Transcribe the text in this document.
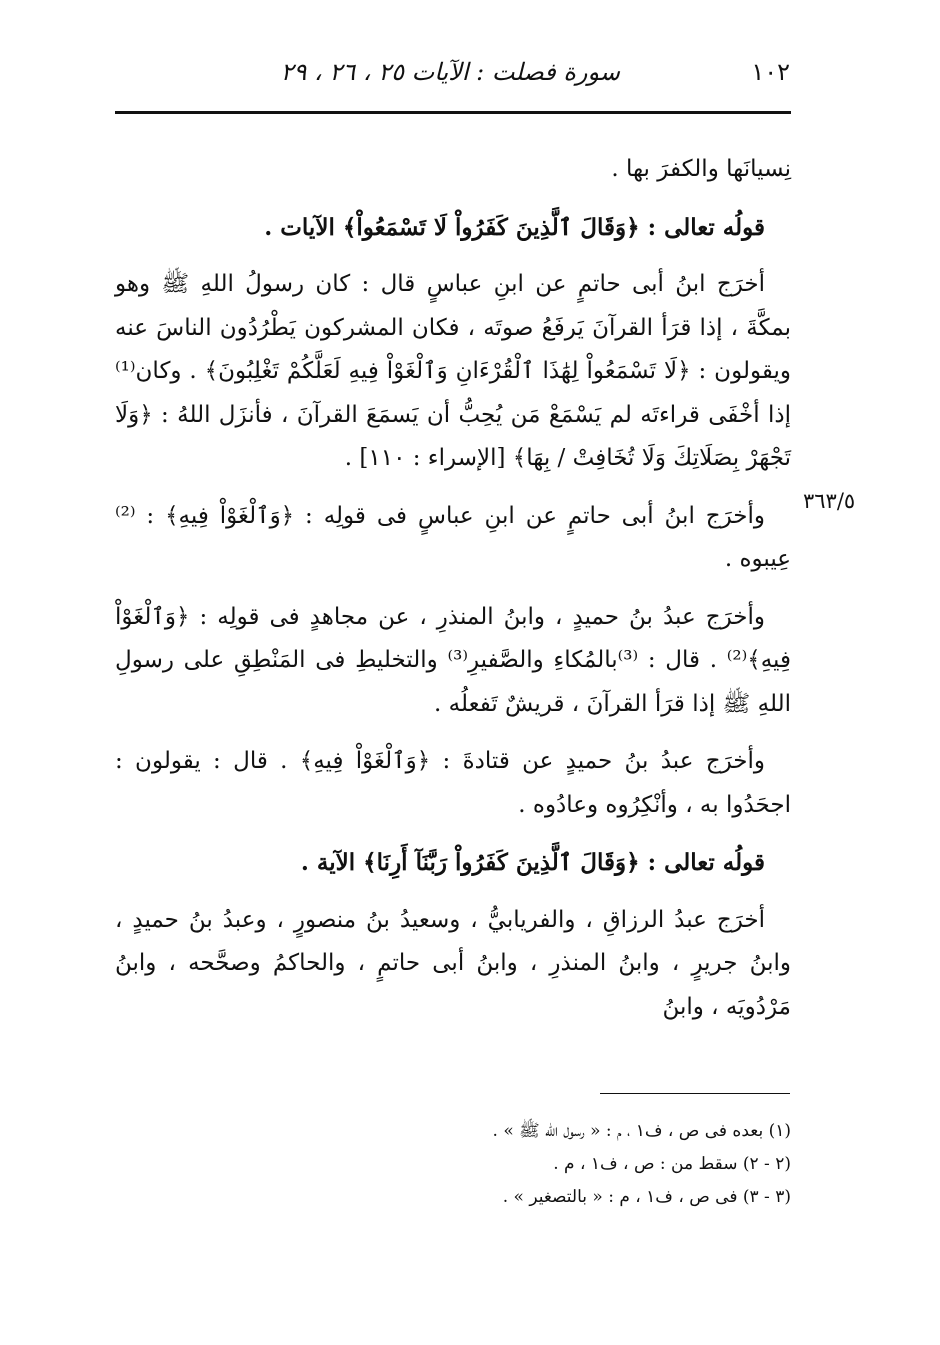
١٠٢
سورة فصلت : الآيات ٢٥ ، ٢٦ ، ٢٩
٣٦٣/٥

نِسيانَها والكفرَ بها .

قولُه تعالى : ﴿وَقَالَ ٱلَّذِينَ كَفَرُواْ لَا تَسْمَعُواْ﴾ الآيات .

أخرَج ابنُ أبى حاتمٍ عن ابنِ عباسٍ قال : كان رسولُ اللهِ ﷺ وهو بمكَّةَ ، إذا قرَأ القرآنَ يَرفَعُ صوتَه ، فكان المشركون يَطْرُدُون الناسَ عنه ويقولون : ﴿لَا تَسْمَعُواْ لِهَٰذَا ٱلْقُرْءَانِ وَٱلْغَوْاْ فِيهِ لَعَلَّكُمْ تَغْلِبُونَ﴾ . وكان⁽¹⁾ إذا أخْفَى قراءتَه لم يَسْمَعْ مَن يُحِبُّ أن يَسمَعَ القرآنَ ، فأنزَل اللهُ : ﴿وَلَا تَجْهَرْ بِصَلَاتِكَ وَلَا تُخَافِتْ / بِهَا﴾ [الإسراء : ١١٠] .

وأخرَج ابنُ أبى حاتمٍ عن ابنِ عباسٍ فى قولِه : ﴿وَٱلْغَوْاْ فِيهِ﴾ : ⁽²⁾عِيبوه .

وأخرَج عبدُ بنُ حميدٍ ، وابنُ المنذرِ ، عن مجاهدٍ فى قولِه : ﴿وَٱلْغَوْاْ فِيهِ﴾⁽²⁾ . قال : ⁽³⁾بالمُكاءِ والصَّفيرِ⁽³⁾ والتخليطِ فى المَنْطِقِ على رسولِ اللهِ ﷺ إذا قرَأ القرآنَ ، قريشٌ تَفعلُه .

وأخرَج عبدُ بنُ حميدٍ عن قتادةَ : ﴿وَٱلْغَوْاْ فِيهِ﴾ . قال : يقولون : اجحَدُوا به ، وأنْكِرُوه وعادُوه .

قولُه تعالى : ﴿وَقَالَ ٱلَّذِينَ كَفَرُواْ رَبَّنَآ أَرِنَا﴾ الآية .

أخرَج عبدُ الرزاقِ ، والفريابيُّ ، وسعيدُ بنُ منصورٍ ، وعبدُ بنُ حميدٍ ، وابنُ جريرٍ ، وابنُ المنذرِ ، وابنُ أبى حاتمٍ ، والحاكمُ وصحَّحه ، وابنُ مَرْدُويَه ، وابنُ

(١) بعده فى ص ، ف١ ، م : « رسول الله ﷺ » .

(٢ - ٢) سقط من : ص ، ف١ ، م .

(٣ - ٣) فى ص ، ف١ ، م : « بالتصغير » .
